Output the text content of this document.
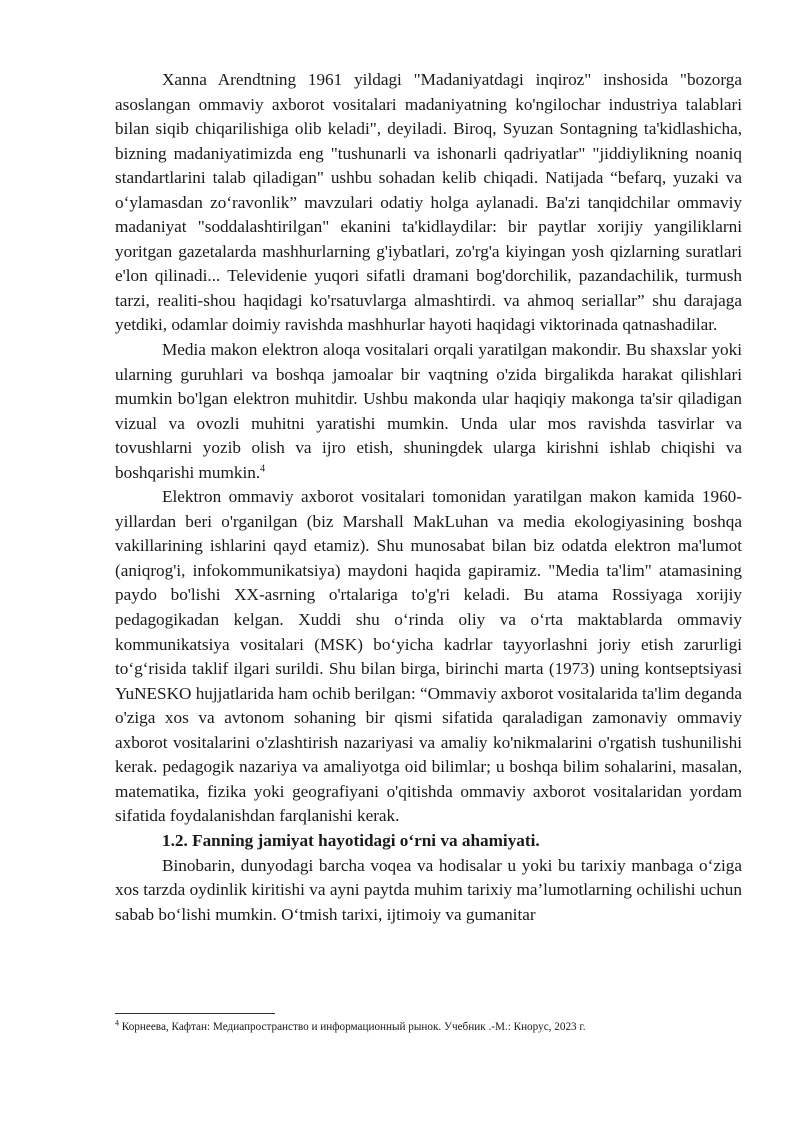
Xanna Arendtning 1961 yildagi "Madaniyatdagi inqiroz" inshosida "bozorga asoslangan ommaviy axborot vositalari madaniyatning ko'ngilochar industriya talablari bilan siqib chiqarilishiga olib keladi", deyiladi. Biroq, Syuzan Sontagning ta'kidlashicha, bizning madaniyatimizda eng "tushunarli va ishonarli qadriyatlar" "jiddiylikning noaniq standartlarini talab qiladigan" ushbu sohadan kelib chiqadi. Natijada “befarq, yuzaki va o‘ylamasdan zo‘ravonlik” mavzulari odatiy holga aylanadi. Ba'zi tanqidchilar ommaviy madaniyat "soddalashtirilgan" ekanini ta'kidlaydilar: bir paytlar xorijiy yangiliklarni yoritgan gazetalarda mashhurlarning g'iybatlari, zo'rg'a kiyingan yosh qizlarning suratlari e'lon qilinadi... Televidenie yuqori sifatli dramani bog'dorchilik, pazandachilik, turmush tarzi, realiti-shou haqidagi ko'rsatuvlarga almashtirdi. va ahmoq seriallar” shu darajaga yetdiki, odamlar doimiy ravishda mashhurlar hayoti haqidagi viktorinada qatnashadilar.

Media makon elektron aloqa vositalari orqali yaratilgan makondir. Bu shaxslar yoki ularning guruhlari va boshqa jamoalar bir vaqtning o'zida birgalikda harakat qilishlari mumkin bo'lgan elektron muhitdir. Ushbu makonda ular haqiqiy makonga ta'sir qiladigan vizual va ovozli muhitni yaratishi mumkin. Unda ular mos ravishda tasvirlar va tovushlarni yozib olish va ijro etish, shuningdek ularga kirishni ishlab chiqishi va boshqarishi mumkin.$^4$

Elektron ommaviy axborot vositalari tomonidan yaratilgan makon kamida 1960-yillardan beri o'rganilgan (biz Marshall MakLuhan va media ekologiyasining boshqa vakillarining ishlarini qayd etamiz). Shu munosabat bilan biz odatda elektron ma'lumot (aniqrog'i, infokommunikatsiya) maydoni haqida gapiramiz. "Media ta'lim" atamasining paydo bo'lishi XX-asrning o'rtalariga to'g'ri keladi. Bu atama Rossiyaga xorijiy pedagogikadan kelgan. Xuddi shu o‘rinda oliy va o‘rta maktablarda ommaviy kommunikatsiya vositalari (MSK) bo‘yicha kadrlar tayyorlashni joriy etish zarurligi to‘g‘risida taklif ilgari surildi. Shu bilan birga, birinchi marta (1973) uning kontseptsiyasi YuNESKO hujjatlarida ham ochib berilgan: “Ommaviy axborot vositalarida ta'lim deganda o'ziga xos va avtonom sohaning bir qismi sifatida qaraladigan zamonaviy ommaviy axborot vositalarini o'zlashtirish nazariyasi va amaliy ko'nikmalarini o'rgatish tushunilishi kerak. pedagogik nazariya va amaliyotga oid bilimlar; u boshqa bilim sohalarini, masalan, matematika, fizika yoki geografiyani o'qitishda ommaviy axborot vositalaridan yordam sifatida foydalanishdan farqlanishi kerak.

1.2. Fanning jamiyat hayotidagi o‘rni va ahamiyati.

Binobarin, dunyodagi barcha voqea va hodisalar u yoki bu tarixiy manbaga o‘ziga xos tarzda oydinlik kiritishi va ayni paytda muhim tarixiy ma’lumotlarning ochilishi uchun sabab bo‘lishi mumkin. O‘tmish tarixi, ijtimoiy va gumanitar

$^4$ Корнеева, Кафтан: Медиапространство и информационный рынок. Учебник .-М.: Кнорус, 2023 г.
